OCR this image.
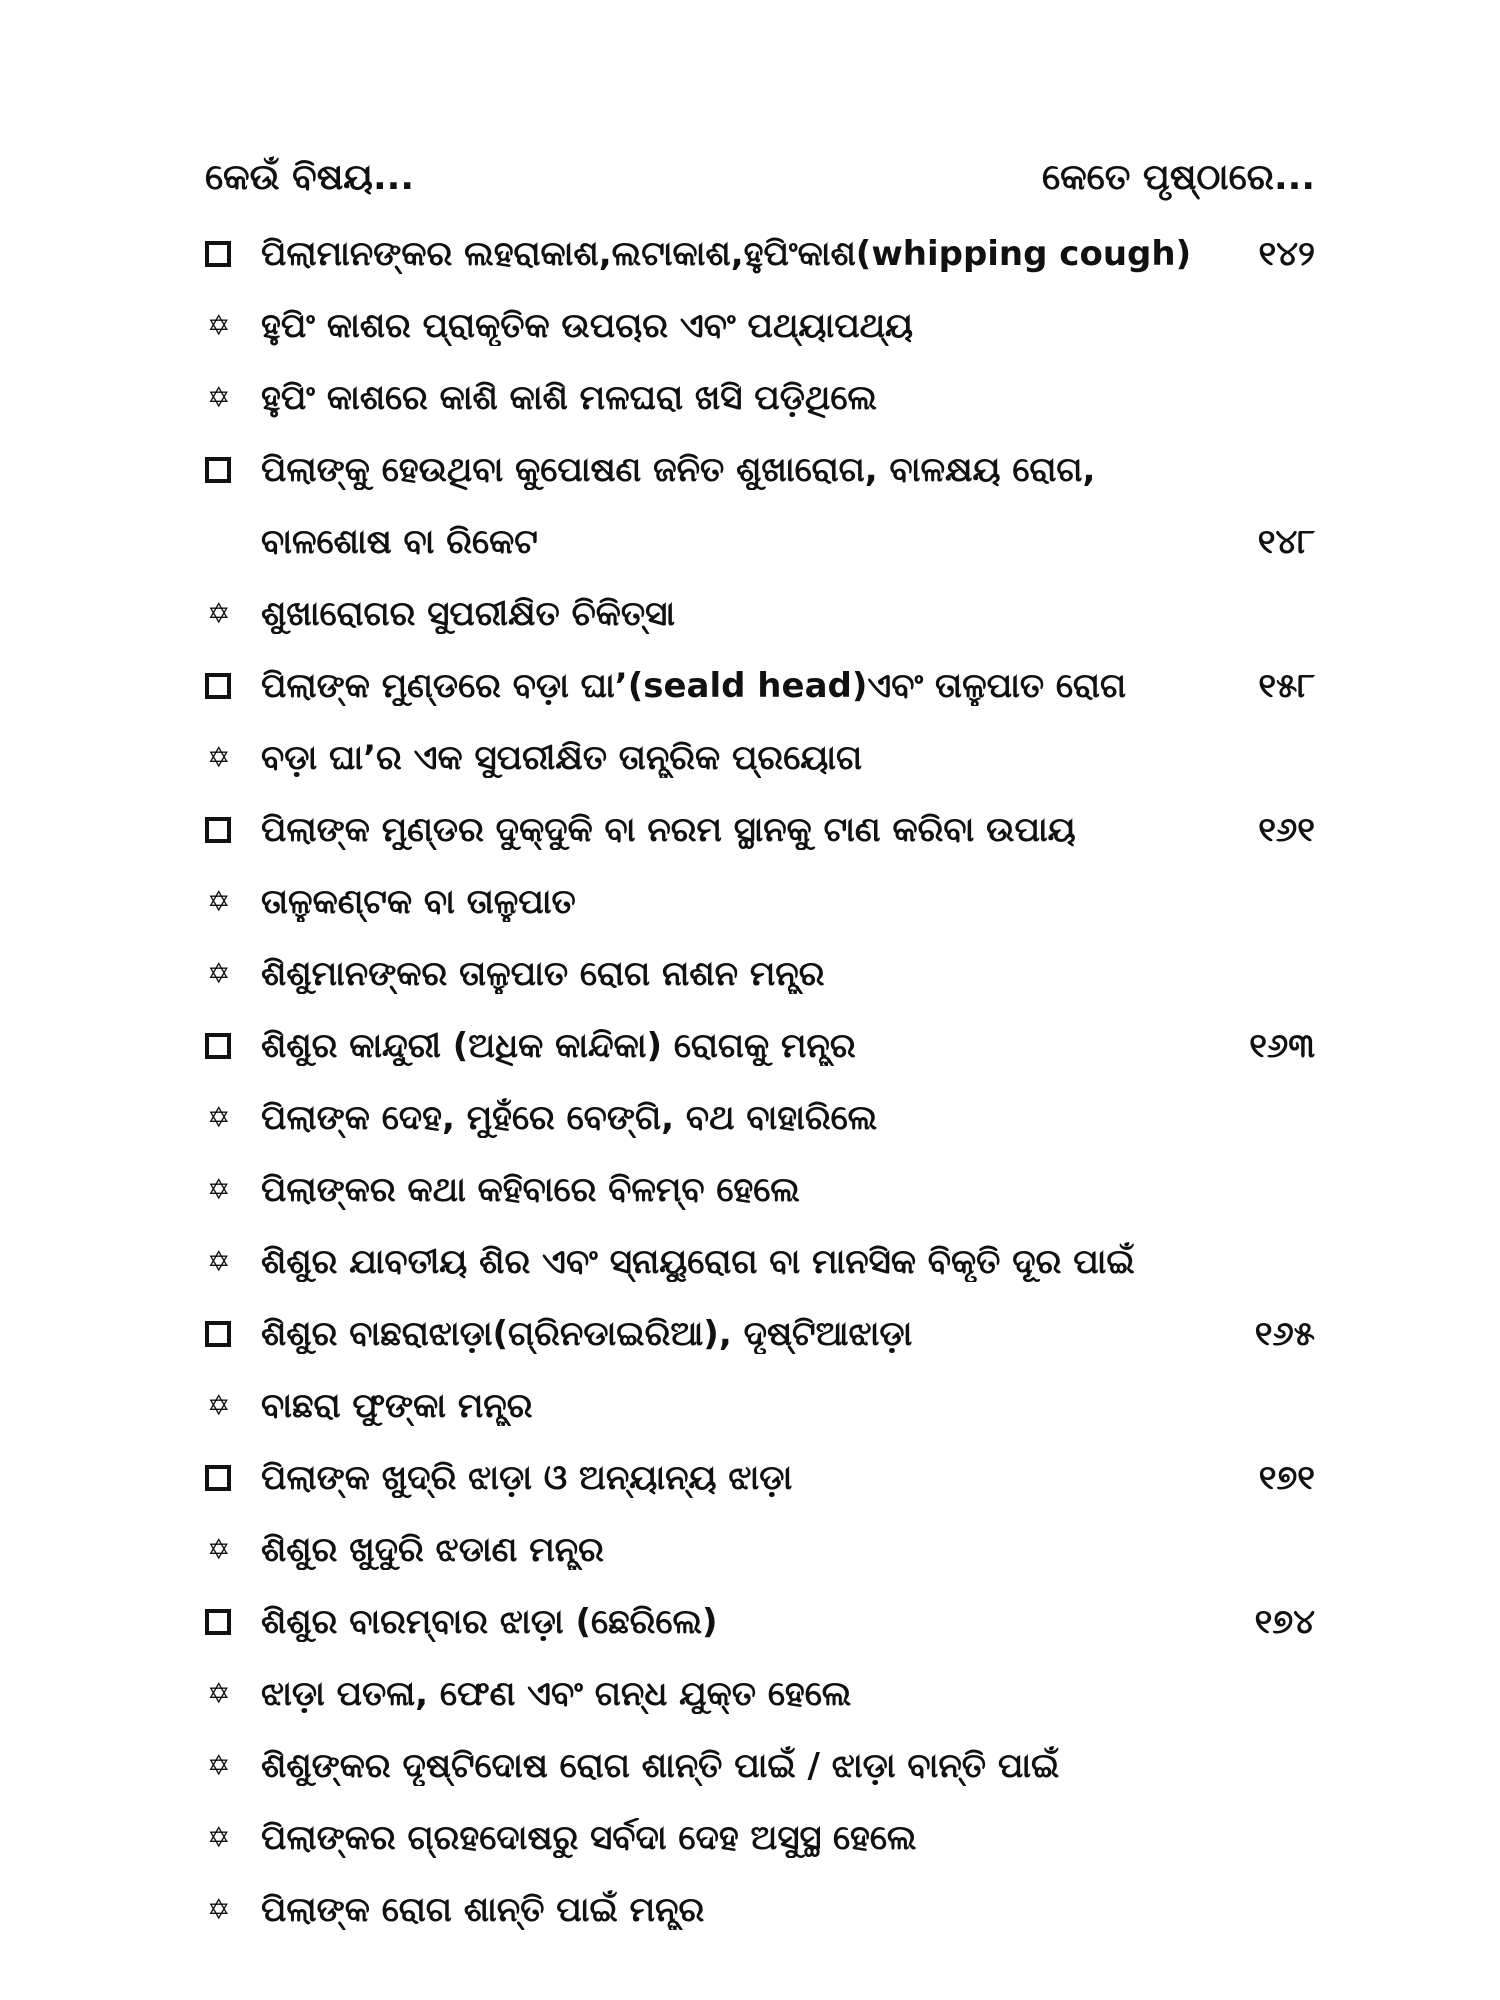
କେଉଁ ବିଷୟ...	କେତେ ପୃଷ୍ଠାରେ...
ପିଲାମାନଙ୍କର ଲହରାକାଶ,ଲଟାକାଶ,ହୁପିଂକାଶ(whipping cough)	୧୪୨
✡ ହୁପିଂ କାଶର ପ୍ରାକୃତିକ ଉପଚାର ଏବଂ ପଥ୍ୟାପଥ୍ୟ
✡ ହୁପିଂ କାଶରେ କାଶି କାଶି ମଳଘରା ଖସି ପଡ଼ିଥିଲେ
ପିଲାଙ୍କୁ ହେଉଥିବା କୁପୋଷଣ ଜନିତ ଶୁଖାରୋଗ, ବାଳକ୍ଷୟ ରୋଗ,
ବାଳଶୋଷ ବା ରିକେଟ	୧୪୮
✡ ଶୁଖାରୋଗର ସୁପରୀକ୍ଷିତ ଚିକିତ୍ସା
ପିଲାଙ୍କ ମୁଣ୍ଡରେ ବଡ଼ା ଘା’(seald head)ଏବଂ ତାଳୁପାତ ରୋଗ	୧୫୮
✡ ବଡ଼ା ଘା’ର ଏକ ସୁପରୀକ୍ଷିତ ତାନ୍ତ୍ରିକ ପ୍ରୟୋଗ
ପିଲାଙ୍କ ମୁଣ୍ଡର ଦୁକ୍‌ଦୁକି ବା ନରମ ସ୍ଥାନକୁ ଟାଣ କରିବା ଉପାୟ	୧୬୧
✡ ତାଳୁକଣ୍ଟକ ବା ତାଳୁପାତ
✡ ଶିଶୁମାନଙ୍କର ତାଳୁପାତ ରୋଗ ନାଶନ ମନ୍ତ୍ର
ଶିଶୁର କାନ୍ଦୁରୀ (ଅଧିକ କାନ୍ଦିକା) ରୋଗକୁ ମନ୍ତ୍ର	୧୬୩
✡ ପିଲାଙ୍କ ଦେହ, ମୁହଁରେ ବେଙ୍ଗି, ବଥ ବାହାରିଲେ
✡ ପିଲାଙ୍କର କଥା କହିବାରେ ବିଳମ୍ବ ହେଲେ
✡ ଶିଶୁର ଯାବତୀୟ ଶିର ଏବଂ ସ୍ନାୟୁରୋଗ ବା ମାନସିକ ବିକୃତି ଦୂର ପାଇଁ
ଶିଶୁର ବାଛରାଝାଡ଼ା(ଗ୍ରିନଡାଇରିଆ), ଦୃଷ୍ଟିଆଝାଡ଼ା	୧୬୫
✡ ବାଛରା ଫୁଙ୍କା ମନ୍ତ୍ର
ପିଲାଙ୍କ ଖୁଦ୍ରି ଝାଡ଼ା ଓ ଅନ୍ୟାନ୍ୟ ଝାଡ଼ା	୧୭୧
✡ ଶିଶୁର ଖୁଦୁରି ଝଡାଣ ମନ୍ତ୍ର
ଶିଶୁର ବାରମ୍ବାର ଝାଡ଼ା (ଛେରିଲେ)	୧୭୪
✡ ଝାଡ଼ା ପତଳା, ଫେଣ ଏବଂ ଗନ୍ଧ ଯୁକ୍ତ ହେଲେ
✡ ଶିଶୁଙ୍କର ଦୃଷ୍ଟିଦୋଷ ରୋଗ ଶାନ୍ତି ପାଇଁ / ଝାଡ଼ା ବାନ୍ତି ପାଇଁ
✡ ପିଲାଙ୍କର ଗ୍ରହଦୋଷରୁ ସର୍ବଦା ଦେହ ଅସୁସ୍ଥ ହେଲେ
✡ ପିଲାଙ୍କ ରୋଗ ଶାନ୍ତି ପାଇଁ ମନ୍ତ୍ର
